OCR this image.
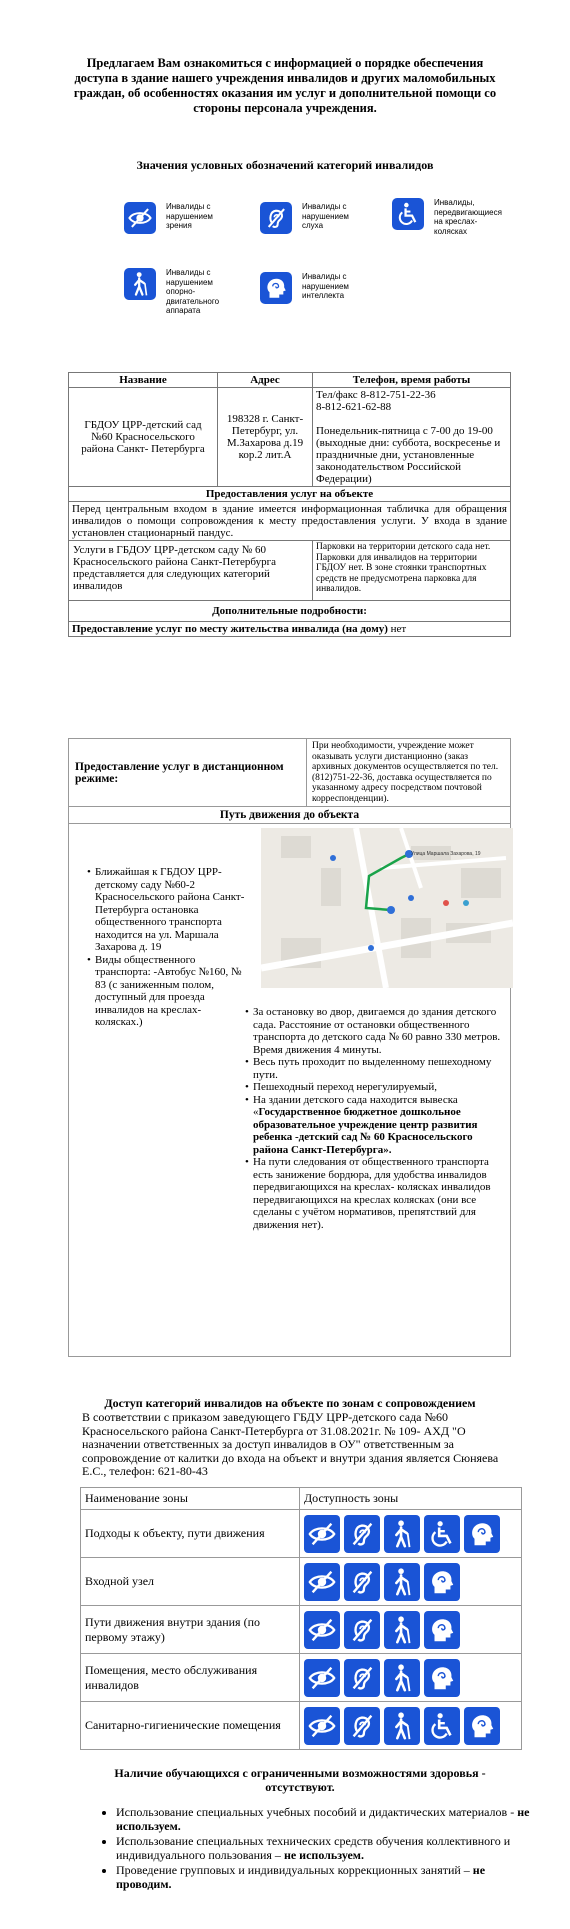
Предлагаем Вам ознакомиться с информацией о порядке обеспечения доступа в здание нашего учреждения инвалидов и других маломобильных граждан, об особенностях оказания им услуг и дополнительной помощи со стороны персонала учреждения.
Значения условных обозначений категорий инвалидов
Инвалиды с нарушением зрения
Инвалиды с нарушением слуха
Инвалиды, передвигающиеся на креслах-колясках
Инвалиды с нарушением опорно-двигательного аппарата
Инвалиды с нарушением интеллекта
Название	Адрес	Телефон, время работы
ГБДОУ ЦРР-детский сад №60 Красносельского района Санкт- Петербурга	198328 г. Санкт-Петербург, ул. М.Захарова д.19 кор.2 лит.А	Тел/факс 8-812-751-22-36
8-812-621-62-88
Понедельник-пятница с 7-00 до 19-00 (выходные дни: суббота, воскресенье и праздничные дни, установленные законодательством Российской Федерации)

Предоставления услуг на объекте		
Перед центральным входом в здание имеется информационная табличка для обращения инвалидов о помощи сопровождения к месту предоставления услуги. У входа в здание установлен стационарный пандус.		
Услуги в ГБДОУ ЦРР-детском саду № 60 Красносельского района Санкт-Петербурга представляется для следующих категорий инвалидов		Парковки на территории детского сада нет. Парковки для инвалидов на территории ГБДОУ нет. В зоне стоянки транспортных средств не предусмотрена парковка для инвалидов.
Дополнительные подробности:		
Предоставление услуг по месту жительства инвалида (на дому) нет		
Предоставление услуг в дистанционном режиме:	При необходимости, учреждение может оказывать услуги дистанционно (заказ архивных документов осуществляется по тел.(812)751-22-36, доставка осуществляется по указанному адресу посредством почтовой корреспонденции).
Путь движения до объекта

• Ближайшая к ГБДОУ ЦРР-детскому саду №60-2 Красносельского района Санкт-Петербурга остановка общественного транспорта находится на ул. Маршала Захарова д. 19
• Виды общественного транспорта: -Автобус №160, № 83 (с заниженным полом, доступный для проезда инвалидов на креслах-колясках.)
Улица Маршала Захарова, 19
• За остановку во двор, двигаемся до здания детского сада. Расстояние от остановки общественного транспорта до детского сада № 60 равно 330 метров. Время движения 4 минуты.
• Весь путь проходит по выделенному пешеходному пути.
• Пешеходный переход нерегулируемый,
• На здании детского сада находится вывеска «Государственное бюджетное дошкольное образовательное учреждение центр развития ребенка -детский сад № 60 Красносельского района Санкт-Петербурга».
• На пути следования от общественного транспорта есть занижение бордюра, для удобства инвалидов передвигающихся на креслах- колясках инвалидов передвигающихся на креслах колясках (они все сделаны с учётом нормативов, препятствий для движения нет).
Доступ категорий инвалидов на объекте по зонам с сопровождением
В соответствии с приказом заведующего ГБДУ ЦРР-детского сада №60 Красносельского района Санкт-Петербурга от 31.08.2021г. № 109- АХД "О назначении ответственных за доступ инвалидов в ОУ" ответственным за сопровождение от калитки до входа на объект и внутри здания является Сюняева Е.С., телефон: 621-80-43
Наименование зоны	Доступность зоны
Подходы к объекту, пути движения	

Входной узел	

Пути движения внутри здания (по первому этажу)	

Помещения, место обслуживания инвалидов	

Санитарно-гигиенические помещения	
Наличие обучающихся с ограниченными возможностями здоровья - отсутствуют.
• Использование специальных учебных пособий и дидактических материалов - не используем.
• Использование специальных технических средств обучения коллективного и индивидуального пользования – не используем.
• Проведение групповых и индивидуальных коррекционных занятий – не проводим.
